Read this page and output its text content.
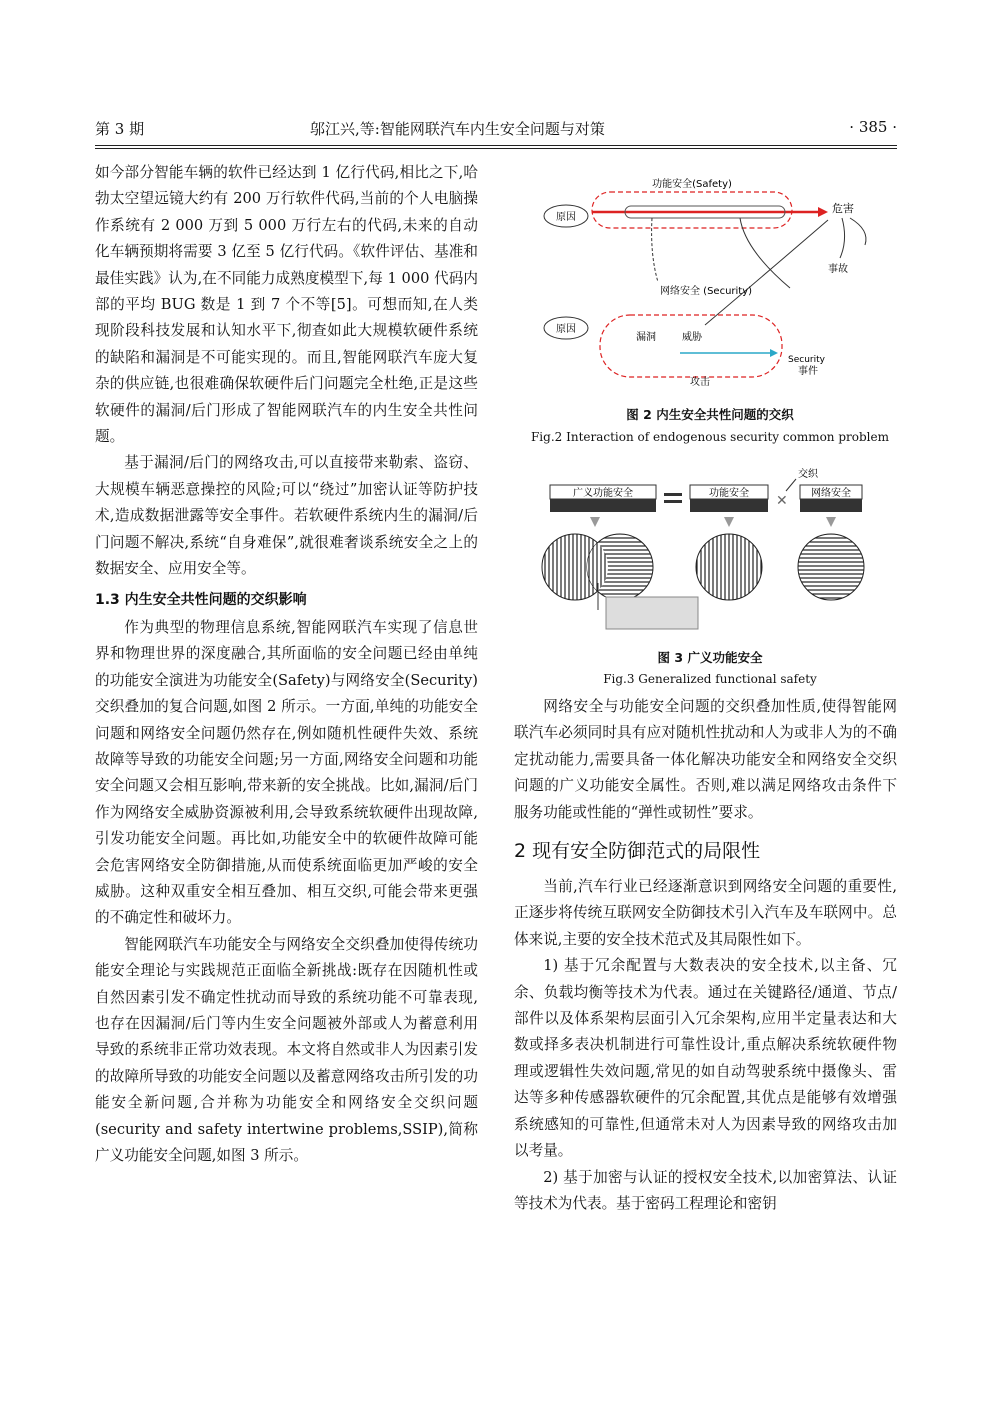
第 3 期	邬江兴,等:智能网联汽车内生安全问题与对策	· 385 ·

如今部分智能车辆的软件已经达到 1 亿行代码,相比之下,哈勃太空望远镜大约有 200 万行软件代码,当前的个人电脑操作系统有 2 000 万到 5 000 万行左右的代码,未来的自动化车辆预期将需要 3 亿至 5 亿行代码。《软件评估、基准和最佳实践》认为,在不同能力成熟度模型下,每 1 000 代码内部的平均 BUG 数是 1 到 7 个不等[5]。可想而知,在人类现阶段科技发展和认知水平下,彻查如此大规模软硬件系统的缺陷和漏洞是不可能实现的。而且,智能网联汽车庞大复杂的供应链,也很难确保软硬件后门问题完全杜绝,正是这些软硬件的漏洞/后门形成了智能网联汽车的内生安全共性问题。

基于漏洞/后门的网络攻击,可以直接带来勒索、盗窃、大规模车辆恶意操控的风险;可以“绕过”加密认证等防护技术,造成数据泄露等安全事件。若软硬件系统内生的漏洞/后门问题不解决,系统“自身难保”,就很难奢谈系统安全之上的数据安全、应用安全等。

1.3 内生安全共性问题的交织影响

作为典型的物理信息系统,智能网联汽车实现了信息世界和物理世界的深度融合,其所面临的安全问题已经由单纯的功能安全演进为功能安全(Safety)与网络安全(Security)交织叠加的复合问题,如图 2 所示。一方面,单纯的功能安全问题和网络安全问题仍然存在,例如随机性硬件失效、系统故障等导致的功能安全问题;另一方面,网络安全问题和功能安全问题又会相互影响,带来新的安全挑战。比如,漏洞/后门作为网络安全威胁资源被利用,会导致系统软硬件出现故障,引发功能安全问题。再比如,功能安全中的软硬件故障可能会危害网络安全防御措施,从而使系统面临更加严峻的安全威胁。这种双重安全相互叠加、相互交织,可能会带来更强的不确定性和破坏力。

智能网联汽车功能安全与网络安全交织叠加使得传统功能安全理论与实践规范正面临全新挑战:既存在因随机性或自然因素引发不确定性扰动而导致的系统功能不可靠表现,也存在因漏洞/后门等内生安全问题被外部或人为蓄意利用导致的系统非正常功效表现。本文将自然或非人为因素引发的故障所导致的功能安全问题以及蓄意网络攻击所引发的功能安全新问题,合并称为功能安全和网络安全交织问题(security and safety intertwine problems,SSIP),简称广义功能安全问题,如图 3 所示。

功能安全(Safety)
原因
危害
事故
网络安全 (Security)
原因
漏洞	威胁
Security
事件
攻击
图 2 内生安全共性问题的交织
Fig.2 Interaction of endogenous security common problem
广义功能安全	功能安全 ✕
交织
网络安全
图 3 广义功能安全
Fig.3 Generalized functional safety

网络安全与功能安全问题的交织叠加性质,使得智能网联汽车必须同时具有应对随机性扰动和人为或非人为的不确定扰动能力,需要具备一体化解决功能安全和网络安全交织问题的广义功能安全属性。否则,难以满足网络攻击条件下服务功能或性能的“弹性或韧性”要求。

2 现有安全防御范式的局限性

当前,汽车行业已经逐渐意识到网络安全问题的重要性,正逐步将传统互联网安全防御技术引入汽车及车联网中。总体来说,主要的安全技术范式及其局限性如下。

1) 基于冗余配置与大数表决的安全技术,以主备、冗余、负载均衡等技术为代表。通过在关键路径/通道、节点/部件以及体系架构层面引入冗余架构,应用半定量表达和大数或择多表决机制进行可靠性设计,重点解决系统软硬件物理或逻辑性失效问题,常见的如自动驾驶系统中摄像头、雷达等多种传感器软硬件的冗余配置,其优点是能够有效增强系统感知的可靠性,但通常未对人为因素导致的网络攻击加以考量。

2) 基于加密与认证的授权安全技术,以加密算法、认证等技术为代表。基于密码工程理论和密钥
